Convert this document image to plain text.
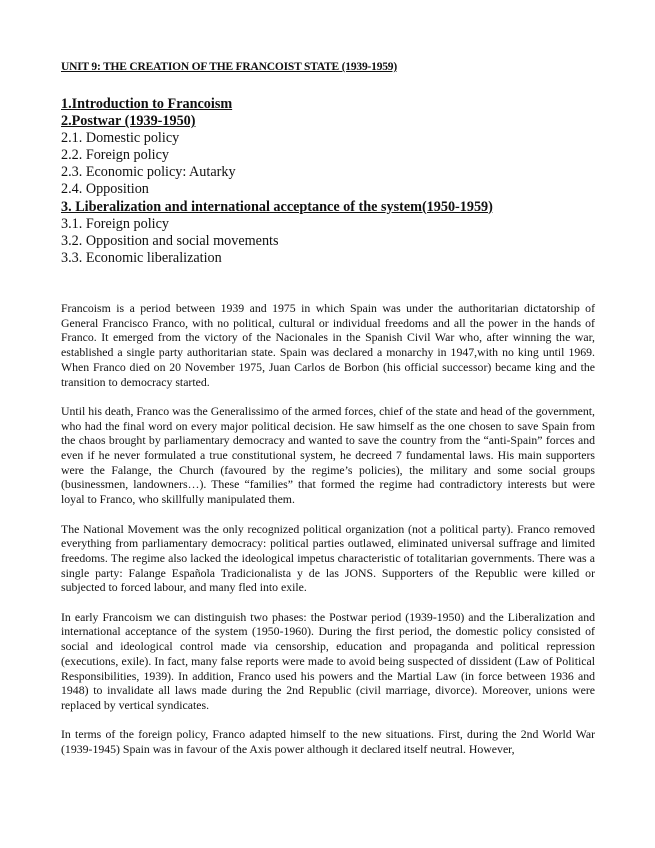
UNIT 9: THE CREATION OF THE FRANCOIST STATE (1939-1959)
1.Introduction to Francoism
2.Postwar (1939-1950)
2.1. Domestic policy
2.2. Foreign policy
2.3. Economic policy: Autarky
2.4. Opposition
3. Liberalization and international acceptance of the system(1950-1959)
3.1. Foreign policy
3.2. Opposition and social movements
3.3. Economic liberalization

Francoism is a period between 1939 and 1975 in which Spain was under the authoritarian dictatorship of General Francisco Franco, with no political, cultural or individual freedoms and all the power in the hands of Franco. It emerged from the victory of the Nacionales in the Spanish Civil War who, after winning the war, established a single party authoritarian state. Spain was declared a monarchy in 1947,with no king until 1969. When Franco died on 20 November 1975, Juan Carlos de Borbon (his official successor) became king and the transition to democracy started.

Until his death, Franco was the Generalissimo of the armed forces, chief of the state and head of the government, who had the final word on every major political decision. He saw himself as the one chosen to save Spain from the chaos brought by parliamentary democracy and wanted to save the country from the “anti-Spain” forces and even if he never formulated a true constitutional system, he decreed 7 fundamental laws. His main supporters were the Falange, the Church (favoured by the regime’s policies), the military and some social groups (businessmen, landowners…). These “families” that formed the regime had contradictory interests but were loyal to Franco, who skillfully manipulated them.

The National Movement was the only recognized political organization (not a political party). Franco removed everything from parliamentary democracy: political parties outlawed, eliminated universal suffrage and limited freedoms. The regime also lacked the ideological impetus characteristic of totalitarian governments. There was a single party: Falange Española Tradicionalista y de las JONS. Supporters of the Republic were killed or subjected to forced labour, and many fled into exile.

In early Francoism we can distinguish two phases: the Postwar period (1939-1950) and the Liberalization and international acceptance of the system (1950-1960). During the first period, the domestic policy consisted of social and ideological control made via censorship, education and propaganda and political repression (executions, exile). In fact, many false reports were made to avoid being suspected of dissident (Law of Political Responsibilities, 1939). In addition, Franco used his powers and the Martial Law (in force between 1936 and 1948) to invalidate all laws made during the 2nd Republic (civil marriage, divorce). Moreover, unions were replaced by vertical syndicates.

In terms of the foreign policy, Franco adapted himself to the new situations. First, during the 2nd World War (1939-1945) Spain was in favour of the Axis power although it declared itself neutral. However,
